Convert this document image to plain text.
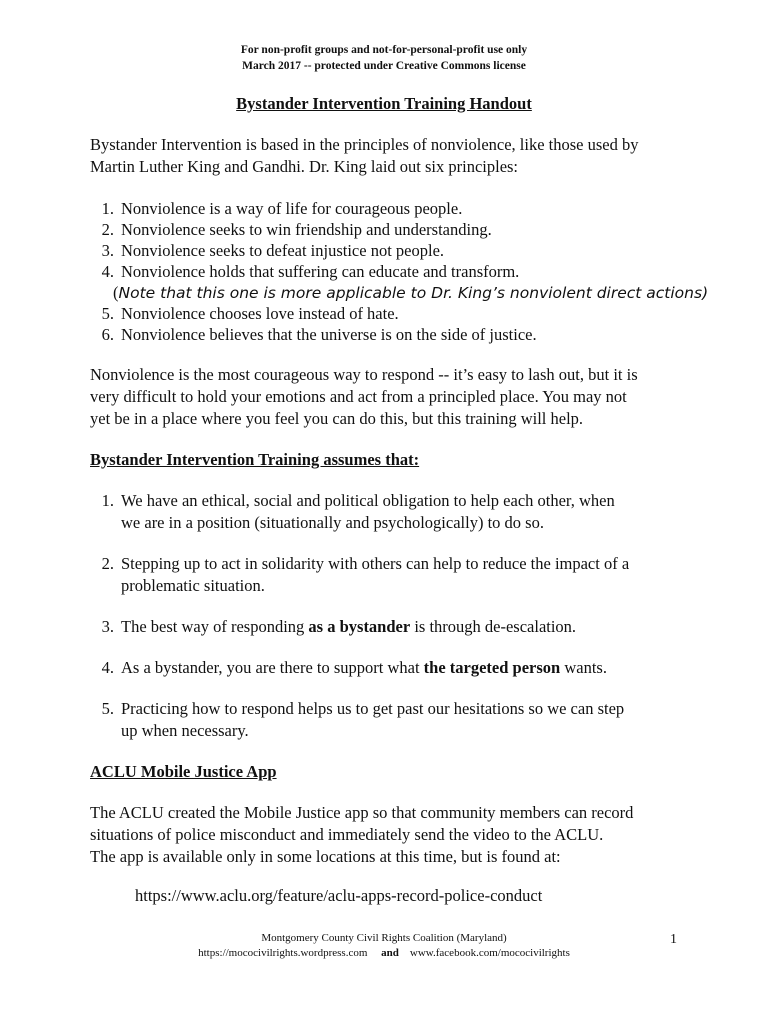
For non-profit groups and not-for-personal-profit use only
March 2017 -- protected under Creative Commons license
Bystander Intervention Training Handout
Bystander Intervention is based in the principles of nonviolence, like those used by
Martin Luther King and Gandhi. Dr. King laid out six principles:
1. Nonviolence is a way of life for courageous people.
2. Nonviolence seeks to win friendship and understanding.
3. Nonviolence seeks to defeat injustice not people.
4. Nonviolence holds that suffering can educate and transform.
(Note that this one is more applicable to Dr. King’s nonviolent direct actions)
5. Nonviolence chooses love instead of hate.
6. Nonviolence believes that the universe is on the side of justice.
Nonviolence is the most courageous way to respond -- it’s easy to lash out, but it is
very difficult to hold your emotions and act from a principled place. You may not
yet be in a place where you feel you can do this, but this training will help.
Bystander Intervention Training assumes that:
1. We have an ethical, social and political obligation to help each other, when
we are in a position (situationally and psychologically) to do so.
2. Stepping up to act in solidarity with others can help to reduce the impact of a
problematic situation.
3. The best way of responding as a bystander is through de-escalation.
4. As a bystander, you are there to support what the targeted person wants.
5. Practicing how to respond helps us to get past our hesitations so we can step
up when necessary.
ACLU Mobile Justice App
The ACLU created the Mobile Justice app so that community members can record
situations of police misconduct and immediately send the video to the ACLU.
The app is available only in some locations at this time, but is found at:
https://www.aclu.org/feature/aclu-apps-record-police-conduct
Montgomery County Civil Rights Coalition (Maryland)
https://mococivilrights.wordpress.com and www.facebook.com/mococivilrights
1
